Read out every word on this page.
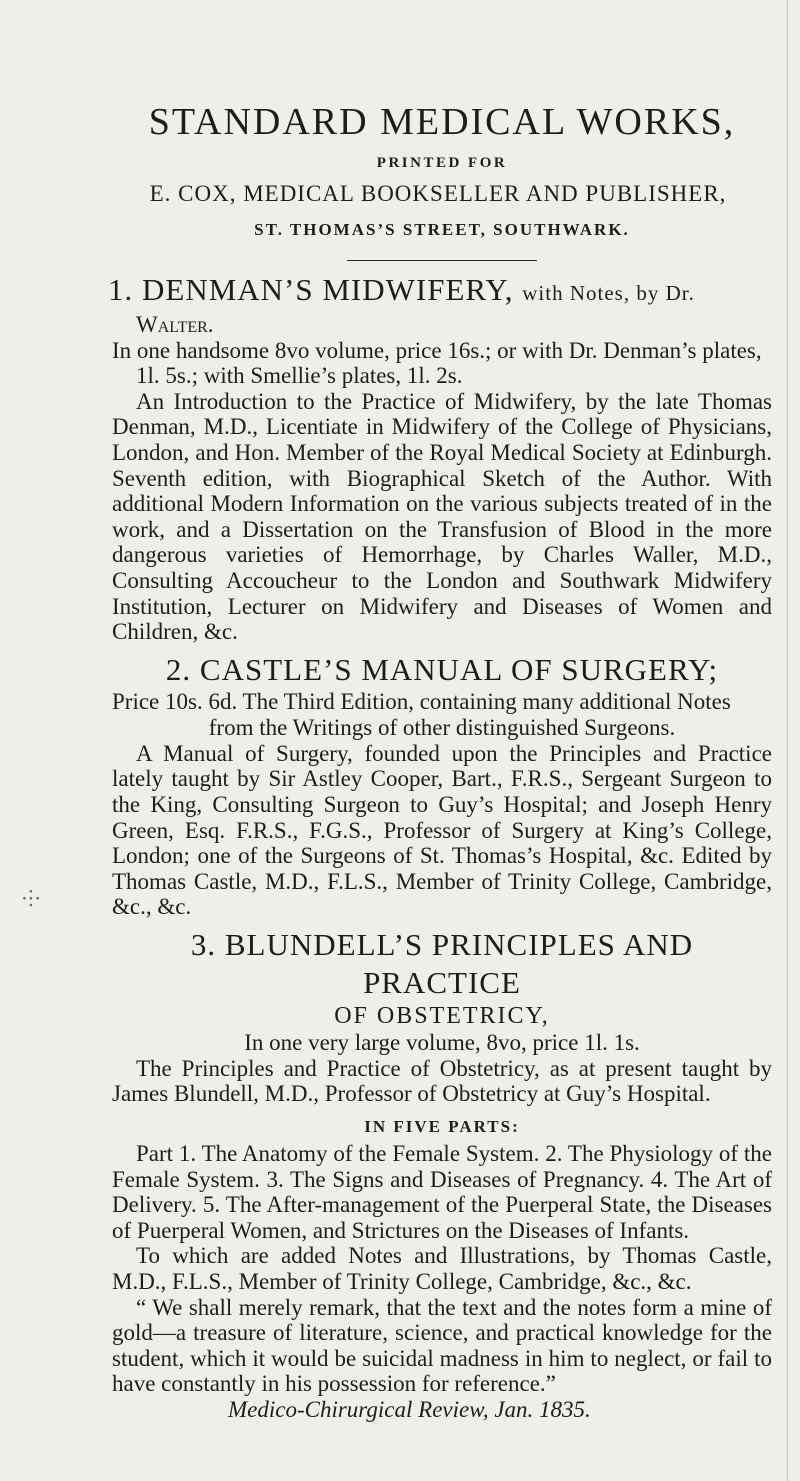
⸭
STANDARD MEDICAL WORKS,
PRINTED FOR
E. COX, MEDICAL BOOKSELLER AND PUBLISHER,
ST. THOMAS’S STREET, SOUTHWARK.
1. DENMAN’S MIDWIFERY, with Notes, by Dr.

Walter.

In one handsome 8vo volume, price 16s.; or with Dr. Denman’s plates,

1l. 5s.; with Smellie’s plates, 1l. 2s.

An Introduction to the Practice of Midwifery, by the late Thomas Denman, M.D., Licentiate in Midwifery of the College of Physicians, London, and Hon. Member of the Royal Medical Society at Edinburgh. Seventh edition, with Biographical Sketch of the Author. With additional Modern Information on the various subjects treated of in the work, and a Dissertation on the Transfusion of Blood in the more dangerous varieties of Hemorrhage, by Charles Waller, M.D., Consulting Accoucheur to the London and Southwark Midwifery Institution, Lecturer on Midwifery and Diseases of Women and Children, &c.

2. CASTLE’S MANUAL OF SURGERY;

Price 10s. 6d. The Third Edition, containing many additional Notes

from the Writings of other distinguished Surgeons.

A Manual of Surgery, founded upon the Principles and Practice lately taught by Sir Astley Cooper, Bart., F.R.S., Sergeant Surgeon to the King, Consulting Surgeon to Guy’s Hospital; and Joseph Henry Green, Esq. F.R.S., F.G.S., Professor of Surgery at King’s College, London; one of the Surgeons of St. Thomas’s Hospital, &c. Edited by Thomas Castle, M.D., F.L.S., Member of Trinity College, Cambridge, &c., &c.

3. BLUNDELL’S PRINCIPLES AND PRACTICE
OF OBSTETRICY,

In one very large volume, 8vo, price 1l. 1s.

The Principles and Practice of Obstetricy, as at present taught by James Blundell, M.D., Professor of Obstetricy at Guy’s Hospital.

IN FIVE PARTS:

Part 1. The Anatomy of the Female System. 2. The Physiology of the Female System. 3. The Signs and Diseases of Pregnancy. 4. The Art of Delivery. 5. The After-management of the Puerperal State, the Diseases of Puerperal Women, and Strictures on the Diseases of Infants.

To which are added Notes and Illustrations, by Thomas Castle, M.D., F.L.S., Member of Trinity College, Cambridge, &c., &c.

“ We shall merely remark, that the text and the notes form a mine of gold—a treasure of literature, science, and practical knowledge for the student, which it would be suicidal madness in him to neglect, or fail to have constantly in his possession for reference.”

Medico-Chirurgical Review, Jan. 1835.
